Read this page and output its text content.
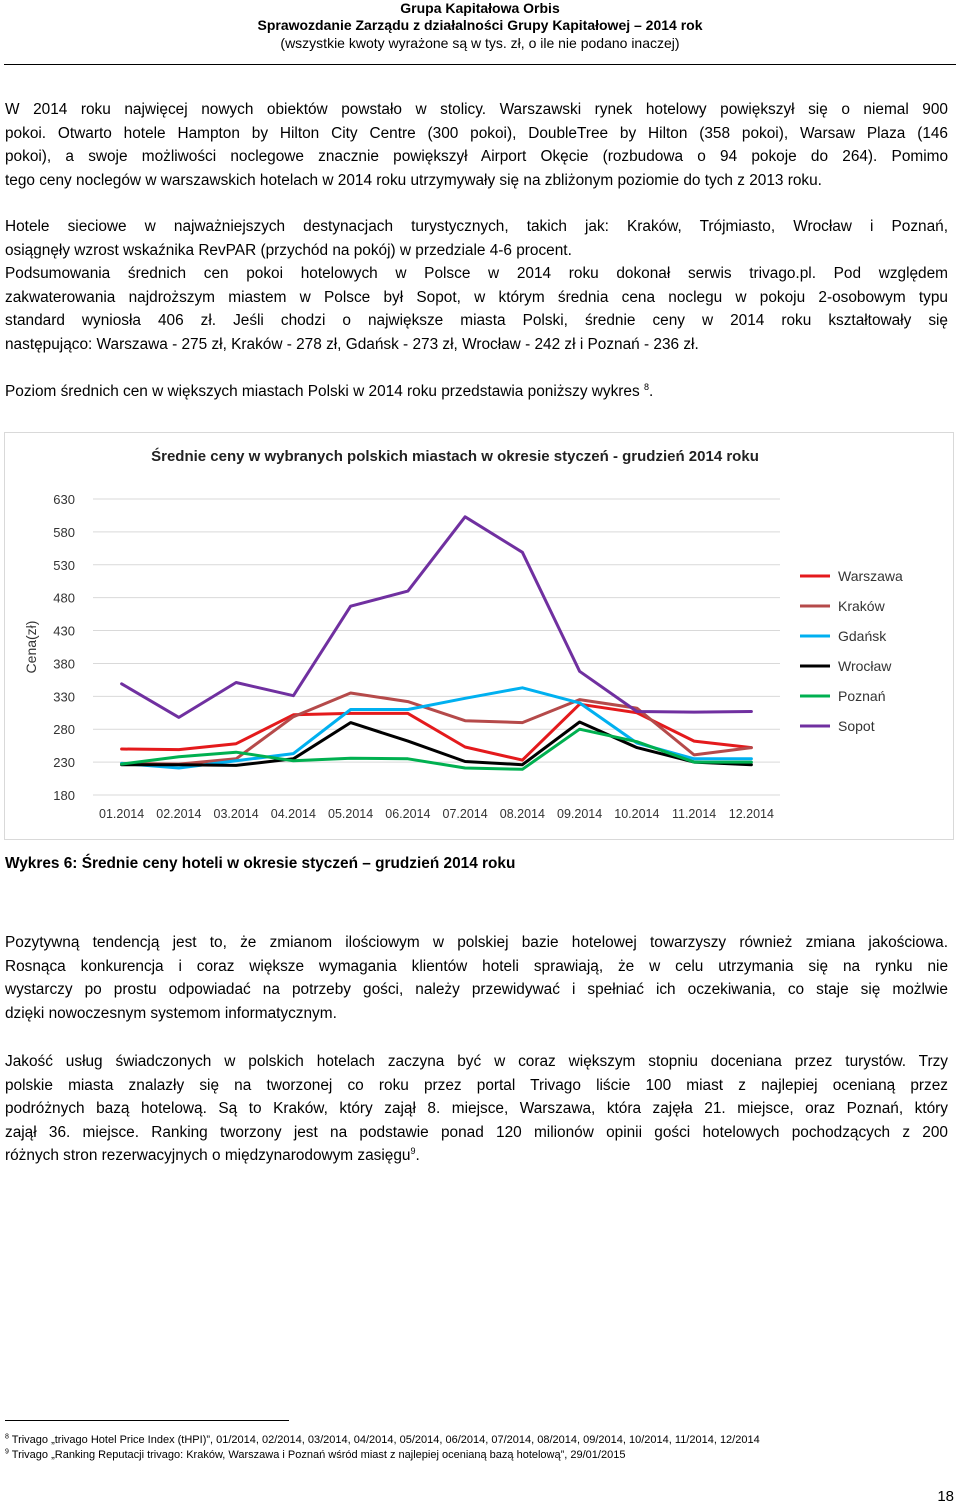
Grupa Kapitałowa Orbis
Sprawozdanie Zarządu z działalności Grupy Kapitałowej – 2014 rok
(wszystkie kwoty wyrażone są w tys. zł, o ile nie podano inaczej)
W 2014 roku najwięcej nowych obiektów powstało w stolicy. Warszawski rynek hotelowy powiększył się o niemal 900
pokoi. Otwarto hotele Hampton by Hilton City Centre (300 pokoi), DoubleTree by Hilton (358 pokoi), Warsaw Plaza (146
pokoi), a swoje możliwości noclegowe znacznie powiększył Airport Okęcie (rozbudowa o 94 pokoje do 264). Pomimo
tego ceny noclegów w warszawskich hotelach w 2014 roku utrzymywały się na zbliżonym poziomie do tych z 2013 roku.
Hotele sieciowe w najważniejszych destynacjach turystycznych, takich jak: Kraków, Trójmiasto, Wrocław i Poznań,
osiągnęły wzrost wskaźnika RevPAR (przychód na pokój) w przedziale 4-6 procent.
Podsumowania średnich cen pokoi hotelowych w Polsce w 2014 roku dokonał serwis trivago.pl. Pod względem
zakwaterowania najdroższym miastem w Polsce był Sopot, w którym średnia cena noclegu w pokoju 2-osobowym typu
standard wyniosła 406 zł. Jeśli chodzi o największe miasta Polski, średnie ceny w 2014 roku kształtowały się
następująco: Warszawa - 275 zł, Kraków - 278 zł, Gdańsk - 273 zł, Wrocław - 242 zł i Poznań - 236 zł.
Poziom średnich cen w większych miastach Polski w 2014 roku przedstawia poniższy wykres $^8$.
Średnie ceny w wybranych polskich miastach w okresie styczeń - grudzień 2014 roku
630
580
530
480
430
380
330
280
230
180
Cena(zł)
01.2014 02.2014 03.2014 04.2014 05.2014 06.2014 07.2014 08.2014 09.2014 10.2014 11.2014 12.2014
Warszawa
Kraków
Gdańsk
Wrocław
Poznań
Sopot
Wykres 6: Średnie ceny hoteli w okresie styczeń – grudzień 2014 roku
Pozytywną tendencją jest to, że zmianom ilościowym w polskiej bazie hotelowej towarzyszy również zmiana jakościowa.
Rosnąca konkurencja i coraz większe wymagania klientów hoteli sprawiają, że w celu utrzymania się na rynku nie
wystarczy po prostu odpowiadać na potrzeby gości, należy przewidywać i spełniać ich oczekiwania, co staje się możlwie
dzięki nowoczesnym systemom informatycznym.
Jakość usług świadczonych w polskich hotelach zaczyna być w coraz większym stopniu doceniana przez turystów. Trzy
polskie miasta znalazły się na tworzonej co roku przez portal Trivago liście 100 miast z najlepiej ocenianą przez
podróżnych bazą hotelową. Są to Kraków, który zajął 8. miejsce, Warszawa, która zajęła 21. miejsce, oraz Poznań, który
zajął 36. miejsce. Ranking tworzony jest na podstawie ponad 120 milionów opinii gości hotelowych pochodzących z 200
różnych stron rezerwacyjnych o międzynarodowym zasięgu$^9$.
$^8$ Trivago „trivago Hotel Price Index (tHPI)”, 01/2014, 02/2014, 03/2014, 04/2014, 05/2014, 06/2014, 07/2014, 08/2014, 09/2014, 10/2014, 11/2014, 12/2014
$^9$ Trivago „Ranking Reputacji trivago: Kraków, Warszawa i Poznań wśród miast z najlepiej ocenianą bazą hotelową”, 29/01/2015
18
